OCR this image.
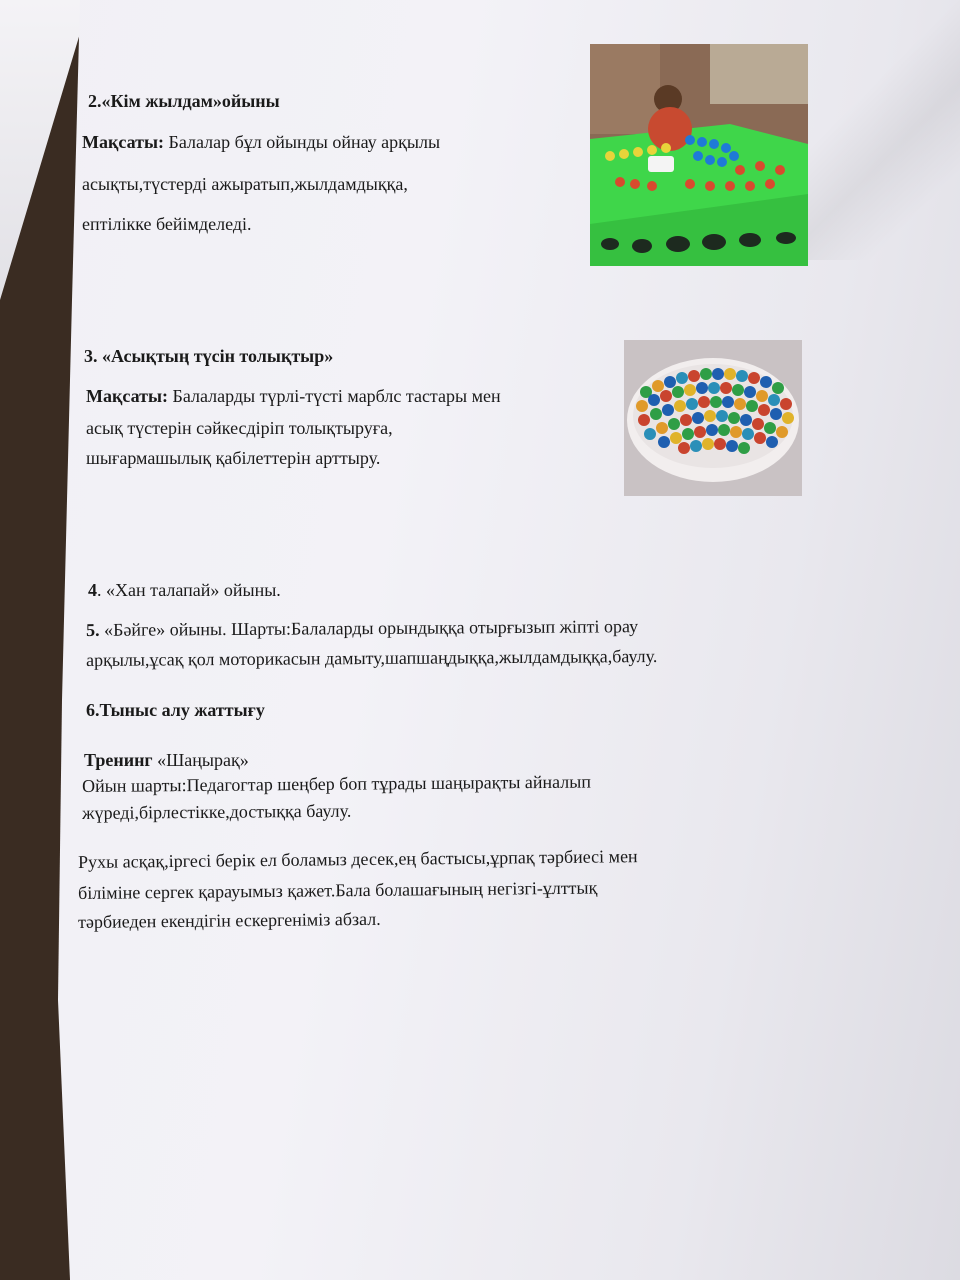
2.«Кім жылдам»ойыны
Мақсаты: Балалар бұл ойынды ойнау арқылы
асықты,түстерді ажыратып,жылдамдыққа,
ептілікке бейімделеді.
3. «Асықтың түсін толықтыр»
Мақсаты: Балаларды түрлі-түсті марблс тастары мен
асық түстерін сәйкесдіріп толықтыруға,
шығармашылық қабілеттерін арттыру.
4. «Хан талапай» ойыны.
5. «Бәйге» ойыны. Шарты:Балаларды орындыққа отырғызып жіпті орау
арқылы,ұсақ қол моторикасын дамыту,шапшаңдыққа,жылдамдыққа,баулу.
6.Тыныс алу жаттығу
Тренинг «Шаңырақ»
Ойын шарты:Педагогтар шеңбер боп тұрады шаңырақты айналып
жүреді,бірлестікке,достыққа баулу.
Рухы асқақ,іргесі берік ел боламыз десек,ең бастысы,ұрпақ тәрбиесі мен
біліміне сергек қарауымыз қажет.Бала болашағының негізгі-ұлттық
тәрбиеден екендігін ескергеніміз абзал.
